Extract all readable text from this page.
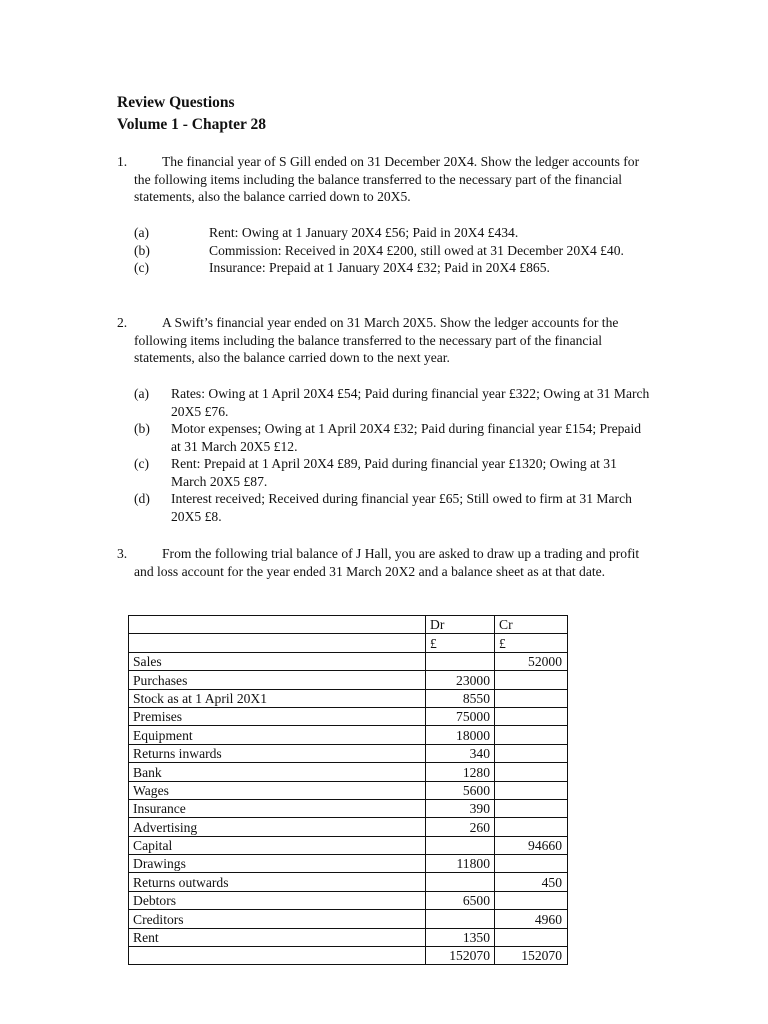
Review Questions
Volume 1 - Chapter 28
1.	The financial year of S Gill ended on 31 December 20X4. Show the ledger accounts for the following items including the balance transferred to the necessary part of the financial statements, also the balance carried down to 20X5.

(a)	Rent: Owing at 1 January 20X4 £56; Paid in 20X4 £434.

(b)	Commission: Received in 20X4 £200, still owed at 31 December 20X4 £40.

(c)	Insurance: Prepaid at 1 January 20X4 £32; Paid in 20X4 £865.

2.	A Swift’s financial year ended on 31 March 20X5. Show the ledger accounts for the following items including the balance transferred to the necessary part of the financial statements, also the balance carried down to the next year.

(a)	Rates: Owing at 1 April 20X4 £54; Paid during financial year £322; Owing at 31 March 20X5 £76.

(b)	Motor expenses; Owing at 1 April 20X4 £32; Paid during financial year £154; Prepaid at 31 March 20X5 £12.

(c)	Rent: Prepaid at 1 April 20X4 £89, Paid during financial year £1320; Owing at 31 March 20X5 £87.

(d)	Interest received; Received during financial year £65; Still owed to firm at 31 March 20X5 £8.

3.	From the following trial balance of J Hall, you are asked to draw up a trading and profit and loss account for the year ended 31 March 20X2 and a balance sheet as at that date.

	Dr	Cr
	£	£
Sales		52000
Purchases	23000	
Stock as at 1 April 20X1	8550	
Premises	75000	
Equipment	18000	
Returns inwards	340	
Bank	1280	
Wages	5600	
Insurance	390	
Advertising	260	
Capital		94660
Drawings	11800	
Returns outwards		450
Debtors	6500	
Creditors		4960
Rent	1350	
	152070	152070
